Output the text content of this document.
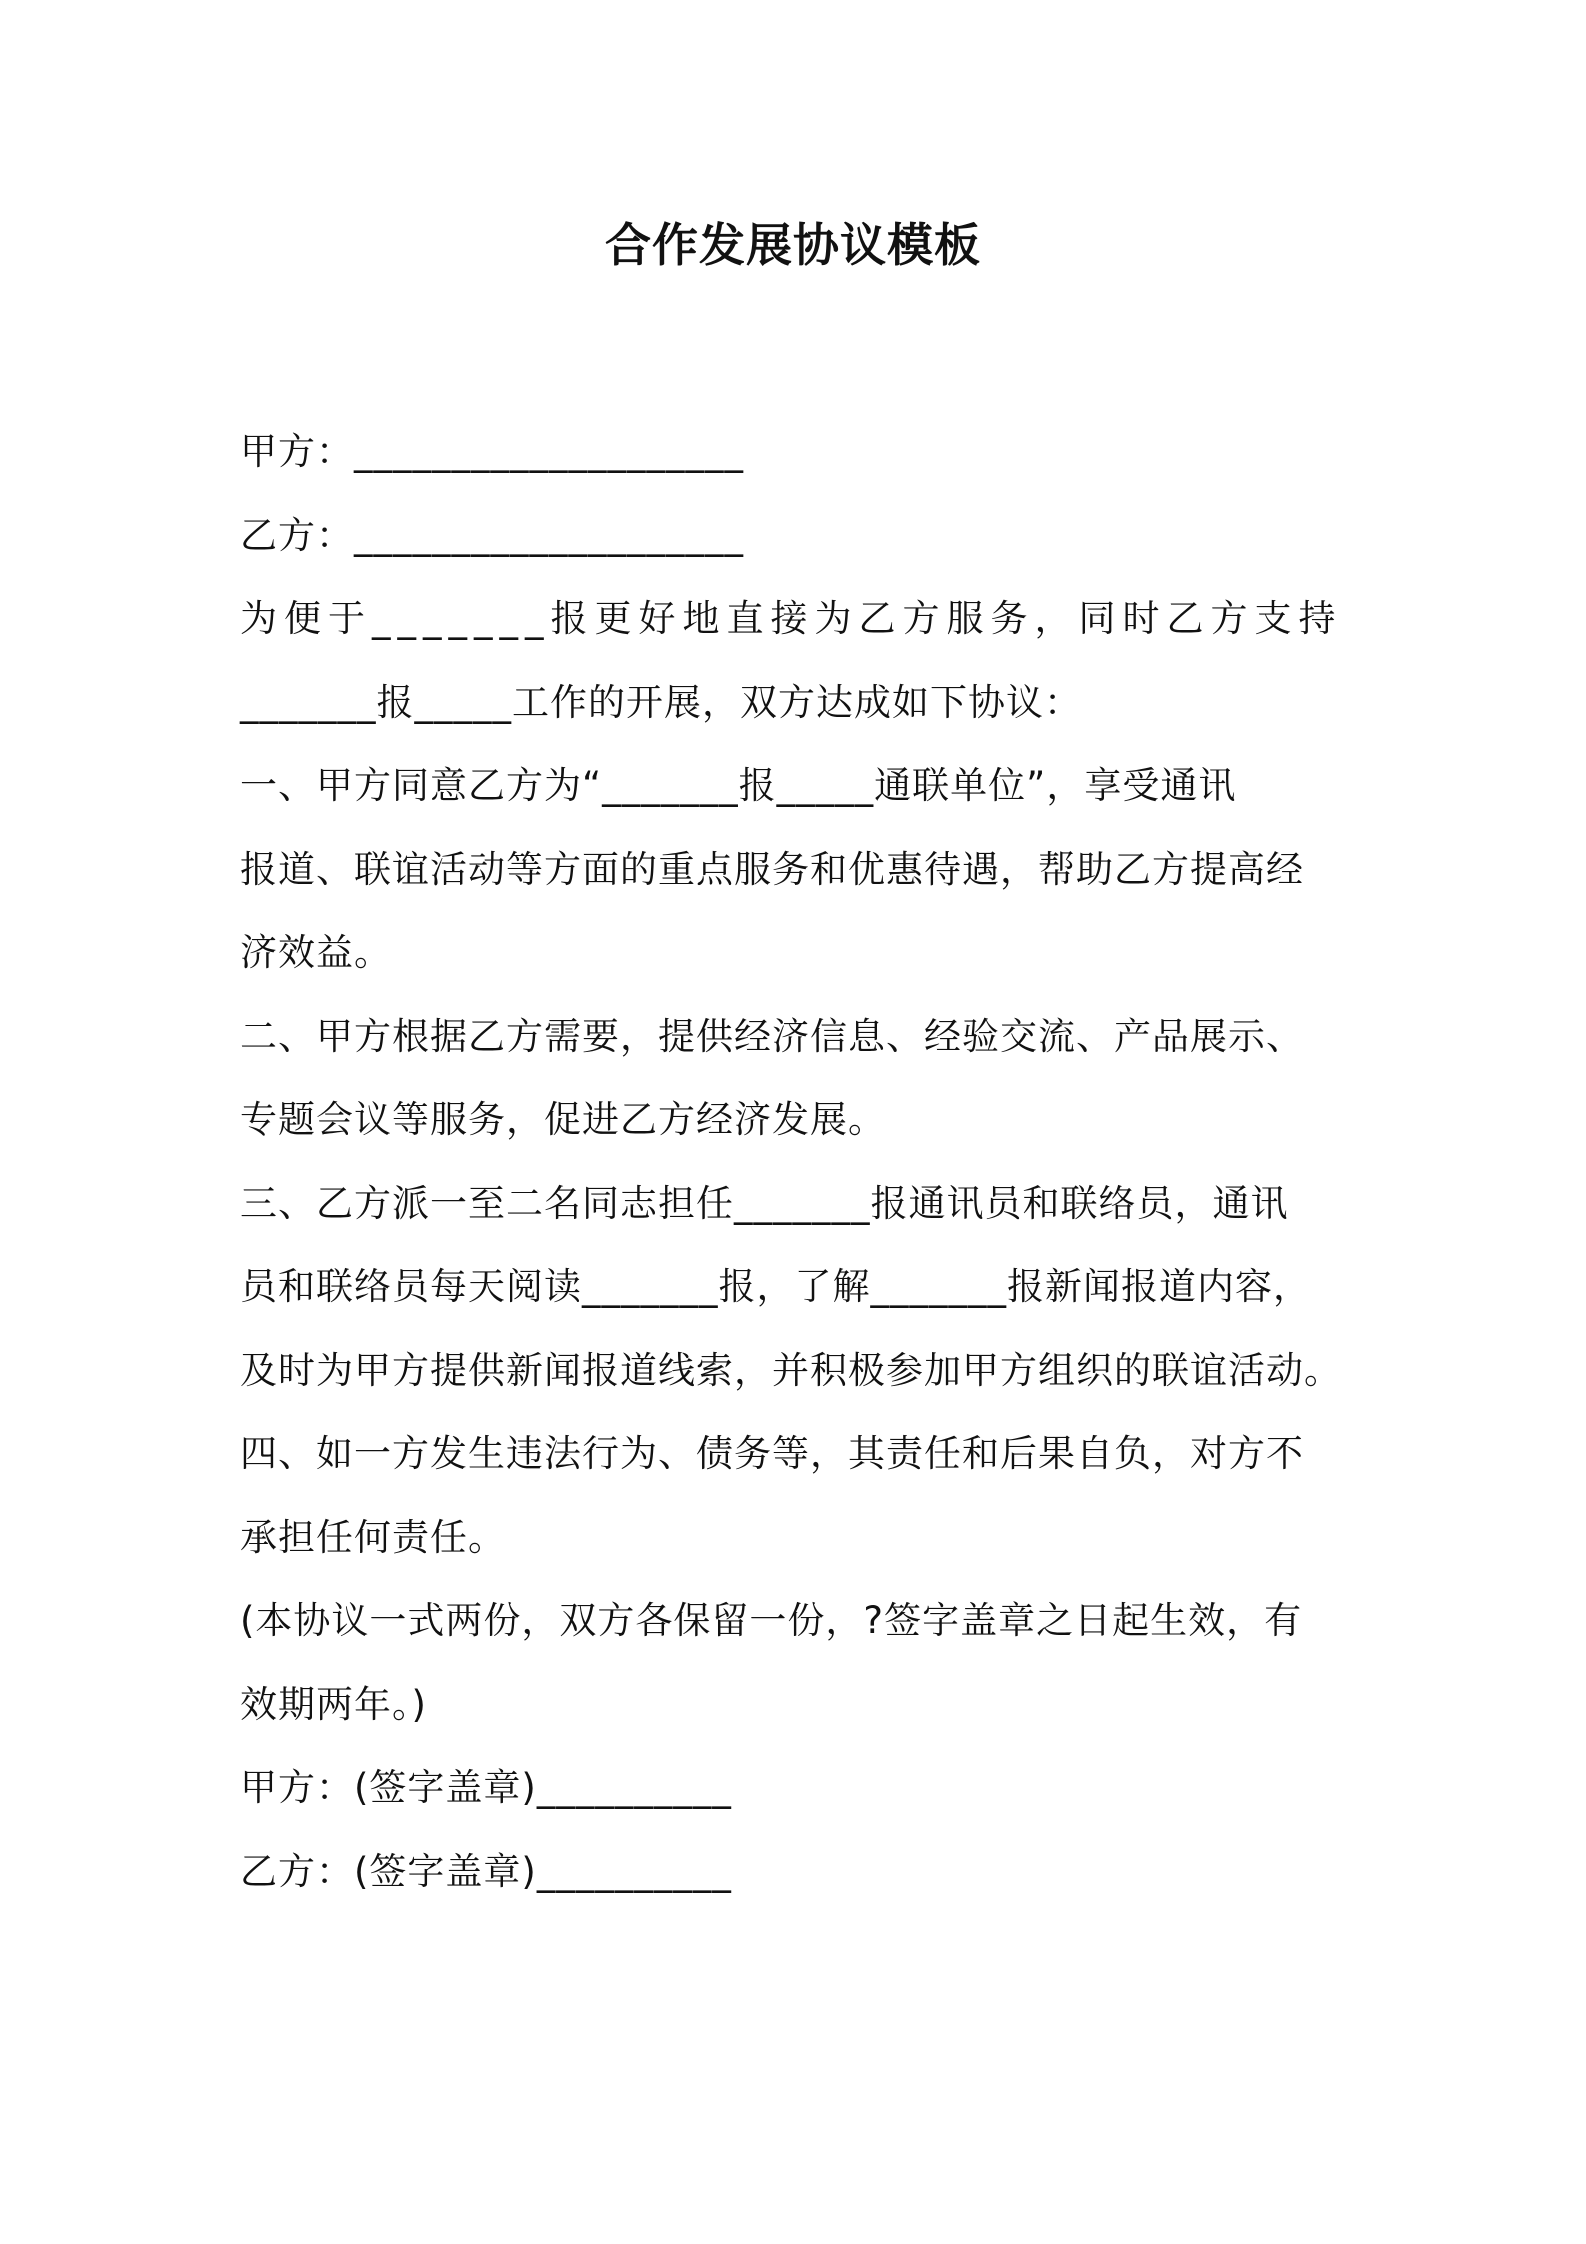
合作发展协议模板
甲方：____________________
乙方：____________________
为便于_______报更好地直接为乙方服务，同时乙方支持
_______报_____工作的开展，双方达成如下协议：
一、甲方同意乙方为“_______报_____通联单位”，享受通讯
报道、联谊活动等方面的重点服务和优惠待遇，帮助乙方提高经
济效益。
二、甲方根据乙方需要，提供经济信息、经验交流、产品展示、
专题会议等服务，促进乙方经济发展。
三、乙方派一至二名同志担任_______报通讯员和联络员，通讯
员和联络员每天阅读_______报，了解_______报新闻报道内容，
及时为甲方提供新闻报道线索，并积极参加甲方组织的联谊活动。
四、如一方发生违法行为、债务等，其责任和后果自负，对方不
承担任何责任。
(本协议一式两份，双方各保留一份，?签字盖章之日起生效，有
效期两年。)
甲方：(签字盖章)__________
乙方：(签字盖章)__________
